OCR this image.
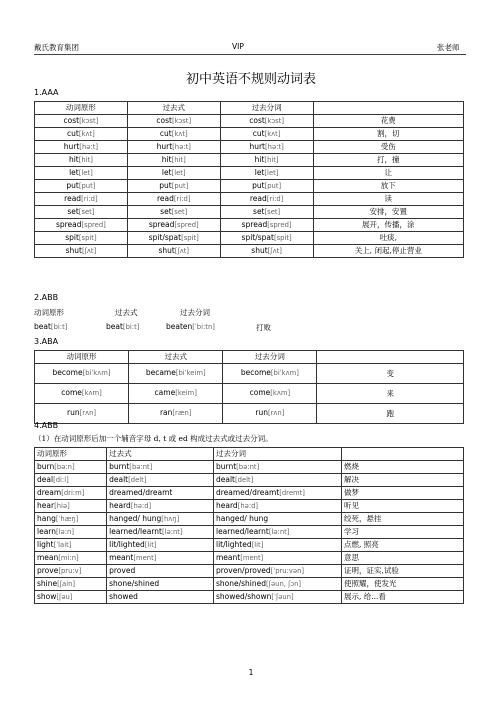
戴氏教育集团	VIP	张老师
初中英语不规则动词表
1.AAA
动词原形	过去式	过去分词	
cost[kɔst]	cost[kɔst]	cost[kɔst]	花费
cut[kʌt]	cut[kʌt]	cut[kʌt]	割，切
hurt[hə:t]	hurt[hə:t]	hurt[hə:t]	受伤
hit[hit]	hit[hit]	hit[hit]	打，撞
let[let]	let[let]	let[let]	让
put[put]	put[put]	put[put]	放下
read[ri:d]	read[ri:d]	read[ri:d]	读
set[set]	set[set]	set[set]	安排，安置
spread[spred]	spread[spred]	spread[spred]	展开，传播，涂
spit[spit]	spit/spat[spit]	spit/spat[spit]	吐痰,
shut[ʃʌt]	shut[ʃʌt]	shut[ʃʌt]	关上, 闭起,停止营业
2.ABB
动词原形	过去式	过去分词
beat[bi:t]	beat[bi:t]	beaten[ˈbi:tn]	打败
3.ABA
动词原形	过去式	过去分词	
become[biˈkʌm]	became[biˈkeim]	become[biˈkʌm]	变
come[kʌm]	came[keim]	come[kʌm]	来
run[rʌn]	ran[ræn]	run[rʌn]	跑
4.ABB
（1）在动词原形后加一个辅音字母 d, t 或 ed 构成过去式或过去分词。
动词原形	过去式	过去分词	
burn[bə:n]	burnt[bə:nt]	burnt[bə:nt]	燃烧
deal[di:l]	dealt[delt]	dealt[delt]	解决
dream[dri:m]	dreamed/dreamt	dreamed/dreamt[dremt]	做梦
hear[hiə]	heard[hə:d]	heard[hə:d]	听见
hang[ˈhæŋ]	hanged/ hung[hʌŋ]	hanged/ hung	绞死，悬挂
learn[lə:n]	learned/learnt[lə:nt]	learned/learnt[lə:nt]	学习
light[ˈlait]	lit/lighted[lit]	lit/lighted[lit]	点燃, 照亮
mean[mi:n]	meant[ment]	meant[ment]	意思
prove[pru:v]	proved	proven/proved[ˈpru:vən]	证明，证实,试验
shine[ʃain]	shone/shined	shone/shined[ʃəun, ʃɔn]	使照耀，使发光
show[ʃəu]	showed	showed/shown[ˈʃəun]	展示, 给...看
1
